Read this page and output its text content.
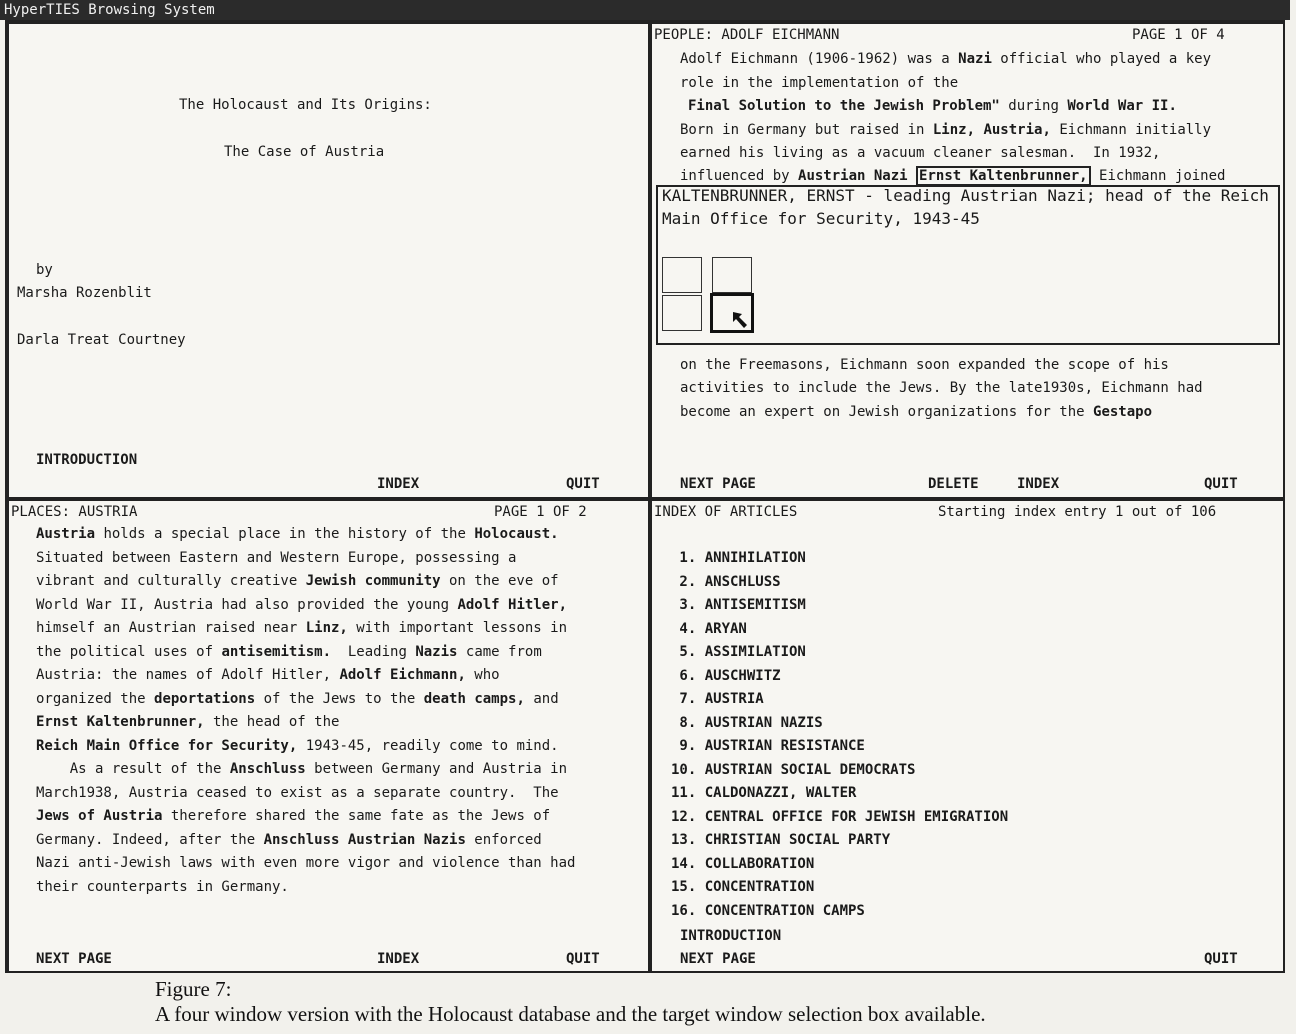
HyperTIES Browsing System
The Holocaust and Its Origins:
The Case of Austria
by
Marsha Rozenblit
Darla Treat Courtney
INTRODUCTION
INDEX	QUIT
PEOPLE: ADOLF EICHMANN	PAGE 1 OF 4
Adolf Eichmann (1906-1962) was a Nazi official who played a key
role in the implementation of the
Final Solution to the Jewish Problem" during World War II.
Born in Germany but raised in Linz, Austria, Eichmann initially
earned his living as a vacuum cleaner salesman.  In 1932,
influenced by Austrian Nazi Ernst Kaltenbrunner, Eichmann joined
on the Freemasons, Eichmann soon expanded the scope of his
activities to include the Jews. By the late1930s, Eichmann had
become an expert on Jewish organizations for the Gestapo
NEXT PAGE	DELETE	INDEX	QUIT
PLACES: AUSTRIA	PAGE 1 OF 2
Austria holds a special place in the history of the Holocaust.
Situated between Eastern and Western Europe, possessing a
vibrant and culturally creative Jewish community on the eve of
World War II, Austria had also provided the young Adolf Hitler,
himself an Austrian raised near Linz, with important lessons in
the political uses of antisemitism.  Leading Nazis came from
Austria: the names of Adolf Hitler, Adolf Eichmann, who
organized the deportations of the Jews to the death camps, and
Ernst Kaltenbrunner, the head of the
Reich Main Office for Security, 1943-45, readily come to mind.
As a result of the Anschluss between Germany and Austria in
March1938, Austria ceased to exist as a separate country.  The
Jews of Austria therefore shared the same fate as the Jews of
Germany. Indeed, after the Anschluss Austrian Nazis enforced
Nazi anti-Jewish laws with even more vigor and violence than had
their counterparts in Germany.
NEXT PAGE	INDEX	QUIT
INDEX OF ARTICLES	Starting index entry 1 out of 106
1. ANNIHILATION
2. ANSCHLUSS
3. ANTISEMITISM
4. ARYAN
5. ASSIMILATION
6. AUSCHWITZ
7. AUSTRIA
8. AUSTRIAN NAZIS
9. AUSTRIAN RESISTANCE
10. AUSTRIAN SOCIAL DEMOCRATS
11. CALDONAZZI, WALTER
12. CENTRAL OFFICE FOR JEWISH EMIGRATION
13. CHRISTIAN SOCIAL PARTY
14. COLLABORATION
15. CONCENTRATION
16. CONCENTRATION CAMPS
INTRODUCTION
NEXT PAGE	QUIT
KALTENBRUNNER, ERNST - leading Austrian Nazi; head of the Reich
Main Office for Security, 1943-45
Figure 7:
A four window version with the Holocaust database and the target window selection box available.
